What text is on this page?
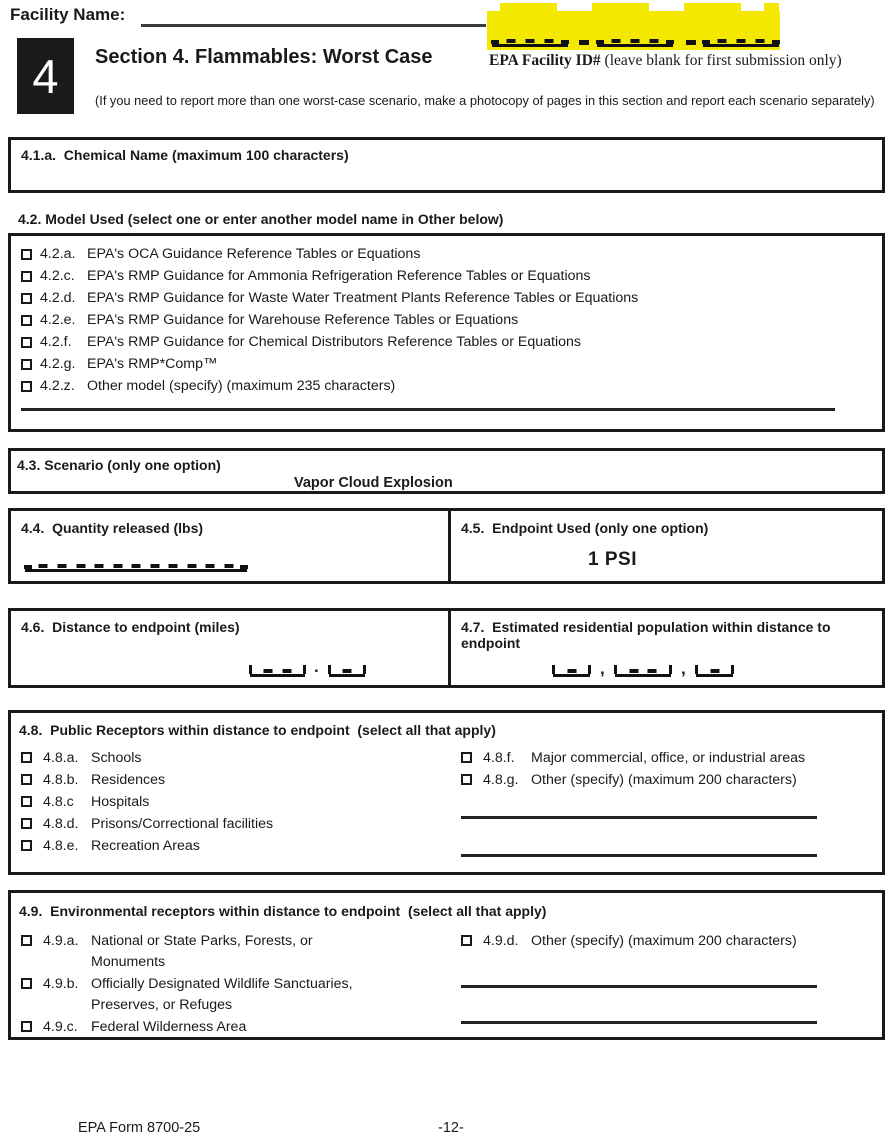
Facility Name:
EPA Facility ID# (leave blank for first submission only)
4 Section 4. Flammables: Worst Case
(If you need to report more than one worst-case scenario, make a photocopy of pages in this section and report each scenario separately)
4.1.a.  Chemical Name (maximum 100 characters)
4.2. Model Used (select one or enter another model name in Other below)
4.2.a. EPA's OCA Guidance Reference Tables or Equations
4.2.c. EPA's RMP Guidance for Ammonia Refrigeration Reference Tables or Equations
4.2.d. EPA's RMP Guidance for Waste Water Treatment Plants Reference Tables or Equations
4.2.e. EPA's RMP Guidance for Warehouse Reference Tables or Equations
4.2.f.	EPA's RMP Guidance for Chemical Distributors Reference Tables or Equations
4.2.g. EPA's RMP*Comp™
4.2.z. Other model (specify) (maximum 235 characters)
4.3. Scenario (only one option)
Vapor Cloud Explosion
4.4.  Quantity released (lbs)	4.5.  Endpoint Used (only one option)
1 PSI
4.6.  Distance to endpoint (miles)
.
4.7.  Estimated residential population within distance to endpoint
,	,
4.8.  Public Receptors within distance to endpoint  (select all that apply)
4.8.a. Schools
4.8.b. Residences
4.8.c	Hospitals
4.8.d. Prisons/Correctional facilities
4.8.e. Recreation Areas
4.8.f.	Major commercial, office, or industrial areas
4.8.g. Other (specify) (maximum 200 characters)
4.9.  Environmental receptors within distance to endpoint  (select all that apply)
4.9.a. National or State Parks, Forests, or
Monuments
4.9.b. Officially Designated Wildlife Sanctuaries,
Preserves, or Refuges
4.9.c. Federal Wilderness Area
4.9.d. Other (specify) (maximum 200 characters)
EPA Form 8700-25	-12-
